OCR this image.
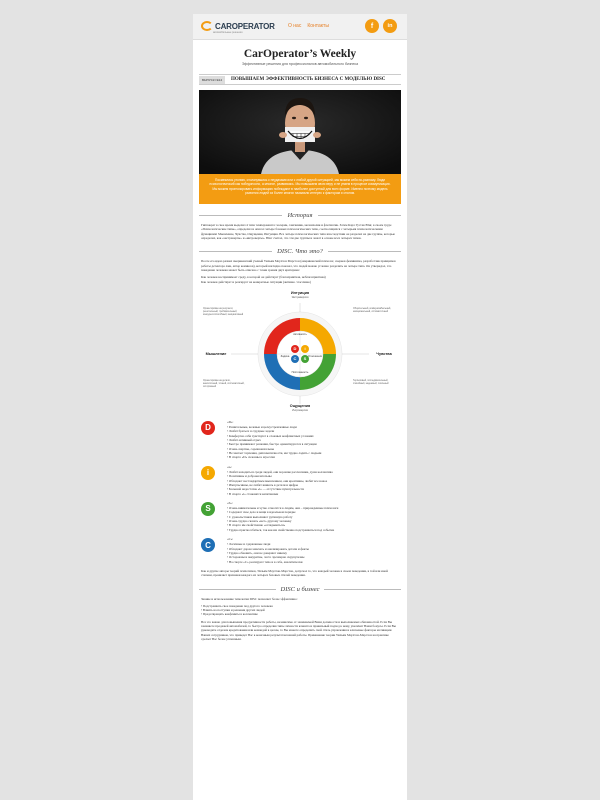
CAROPERATOR
автомобильные решения
О нас Контакты	f	in
CarOperator’s Weekly
Эффективные решения для профессионалов автомобильного бизнеса
ВЫПУСК №14	ПОВЫШАЕМ ЭФФЕКТИВНОСТЬ БИЗНЕСА С МОДЕЛЬЮ DISC
Посмеялись утопию, столкнувшись с неудачами или с любой другой ситуацией, мы можем себя по-разному. Люди психологический как победоносно, а многие, развиваясь. Мы повышаем свою веру и не упаем в процессе коммуникации. Мы можем прогнозировать информацию побеждают в наиболее доступный для всех форме. Именно поэтому модель развития людей из более многих называли интерес к факторам и стилям.
История
Гиппократ в свое время выделил 4 типа темперамента: холерик, сангвиник, меланхолик и флегматик. Затем Карл Густав Юнг, в своем труде «Психологические типы», определил и описал четыре базовых психологических типа, соотносящихся с четырьмя психологическими функциями: Мышление, Чувства, Ощущения, Интуиция. Все четыре психологических типа впоследствии он разделил на две группы, которые определил, как «экстраверты» и «интроверты». Юнг считал, что эти две группы и лежат в основе всех четырех типов.
DISC. Что это?

После его идею развил американский ученый Уильям Моултон Марстон (американский психолог, очерков феминизма, разработчик принципов работы детектора лжи, автор комиксов), который наглядно показал, что людей можно условно разделить на четыре типа. Он утверждал, что поведение человека может быть описано с точки зрения двух критериев:

Как человек воспринимает среду, в которой он действует (благоприятная, неблагоприятная)

Как человек действует и реагирует на конкретные ситуации (активно / пассивно)

Интуиция
Экстраверсия
Ощущения
Интроверсия
Мышление	Чувства
Активность
Постоянность
Задача	Отношения
D	i
S
C
Ориентирован на результат, решительный, требовательный, конкурентоспособный, инициативный
Общительный, коммуникабельный, эмоциональный, оптимистичный
Ориентирован на детали, аналитичный, точный, систематичный, осторожный
Терпеливый, последовательный, спокойный, надежный, лояльный
D
«D»:
• Решительные, волевые и целеустремленные люди
• Любят браться за трудные задачи
• Комфортно себя чувствуют в сложных конфликтных условиях
• Любят активный отдых
• Быстро принимают решения, быстро ориентируются в ситуации
• Очень азартны, соревновательны
• Не хватает терпения, дипломатичности, им трудно ладить с людьми
• В спорте «D» склонны к агрессии
i
«i»:
• Любят находиться среди людей, они хорошие рассказчики, душа коллектива
• Позитивны и доброжелательны
• Обладают нестандартным мышлением, они креативны, любят все новое
• Импульсивны, не любят вникать в детали и цифры
• Большой недостаток «i» — отсутствие пунктуальности
• В спорте «i» становятся капитанами
S
«S»:
• Очень внимательны и чутко относятся к людям, они – прирожденные психологи
• Содержат свое дело и вещи в идеальном порядке
• С удовольствием выполняют рутинную работу
• Очень трудно сказать «нет» другому человеку
• В спорте им свойственно «оглядываться»
• Трудно приспособиться, так как им свойственно подстраиваться под событие
C
«C»:
• Логичные и сдержанные люди
• Обладают даром замечать и анализировать детали и факты
• Трудно обновить, они не доверяют никому
• Осторожны и аккуратны, часто чрезмерно скрупулезны
• На спорте «C» реагируют тихо и в себе, аналитически
Как и другие авторы теорий психотипов, Уильям Моултон-Марстон, допускал то, что каждый человек в своем поведении, в той или иной степени, проявляет признаки каждого из четырех базовых стилей поведения.
DISC и бизнес

Знание и использование типологии DISC позволяет более эффективно:

• Подстраивать свое поведение под другого человека

• Влиять на поступки и решения других людей

• Предотвращать конфликты в коллективе

Все это важно для повышения продуктивности работы, независимо от занимаемой Вами должности и выполняемых обязанностей. Если Вы заменяете продажей автомобилей, то быстро определив типы личности клиента и правильный подход к нему, увеличит Ваши бонусы. Если Вы руководите отделом кредитования или командой в целом, то Вы можете определить свой стиль управления и ключевые факторы мотивации Ваших сотрудников, что приведет Вас к конечным результатам вашей работы. Применение теории Уильям Моултон-Марстон на практике сделает Вас более успешным.
